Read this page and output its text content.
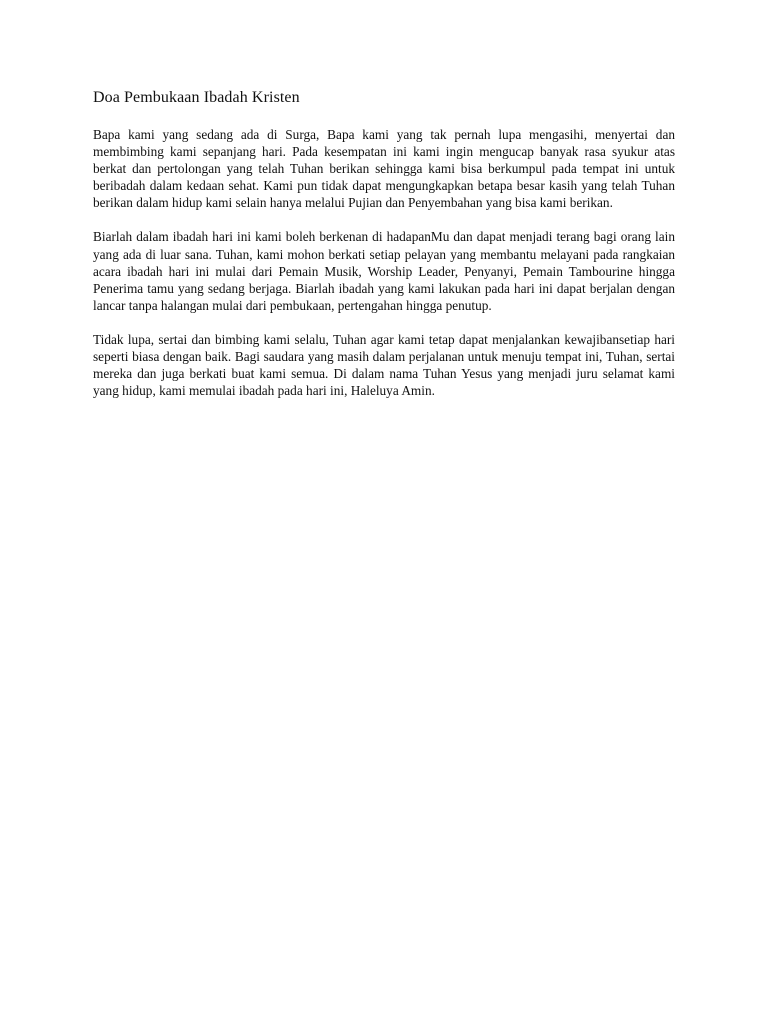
Doa Pembukaan Ibadah Kristen

Bapa kami yang sedang ada di Surga, Bapa kami yang tak pernah lupa mengasihi, menyertai dan membimbing kami sepanjang hari. Pada kesempatan ini kami ingin mengucap banyak rasa syukur atas berkat dan pertolongan yang telah Tuhan berikan sehingga kami bisa berkumpul pada tempat ini untuk beribadah dalam kedaan sehat. Kami pun tidak dapat mengungkapkan betapa besar kasih yang telah Tuhan berikan dalam hidup kami selain hanya melalui Pujian dan Penyembahan yang bisa kami berikan.

Biarlah dalam ibadah hari ini kami boleh berkenan di hadapanMu dan dapat menjadi terang bagi orang lain yang ada di luar sana. Tuhan, kami mohon berkati setiap pelayan yang membantu melayani pada rangkaian acara ibadah hari ini mulai dari Pemain Musik, Worship Leader, Penyanyi, Pemain Tambourine hingga Penerima tamu yang sedang berjaga. Biarlah ibadah yang kami lakukan pada hari ini dapat berjalan dengan lancar tanpa halangan mulai dari pembukaan, pertengahan hingga penutup.

Tidak lupa, sertai dan bimbing kami selalu, Tuhan agar kami tetap dapat menjalankan kewajibansetiap hari seperti biasa dengan baik. Bagi saudara yang masih dalam perjalanan untuk menuju tempat ini, Tuhan, sertai mereka dan juga berkati buat kami semua. Di dalam nama Tuhan Yesus yang menjadi juru selamat kami yang hidup, kami memulai ibadah pada hari ini, Haleluya Amin.
